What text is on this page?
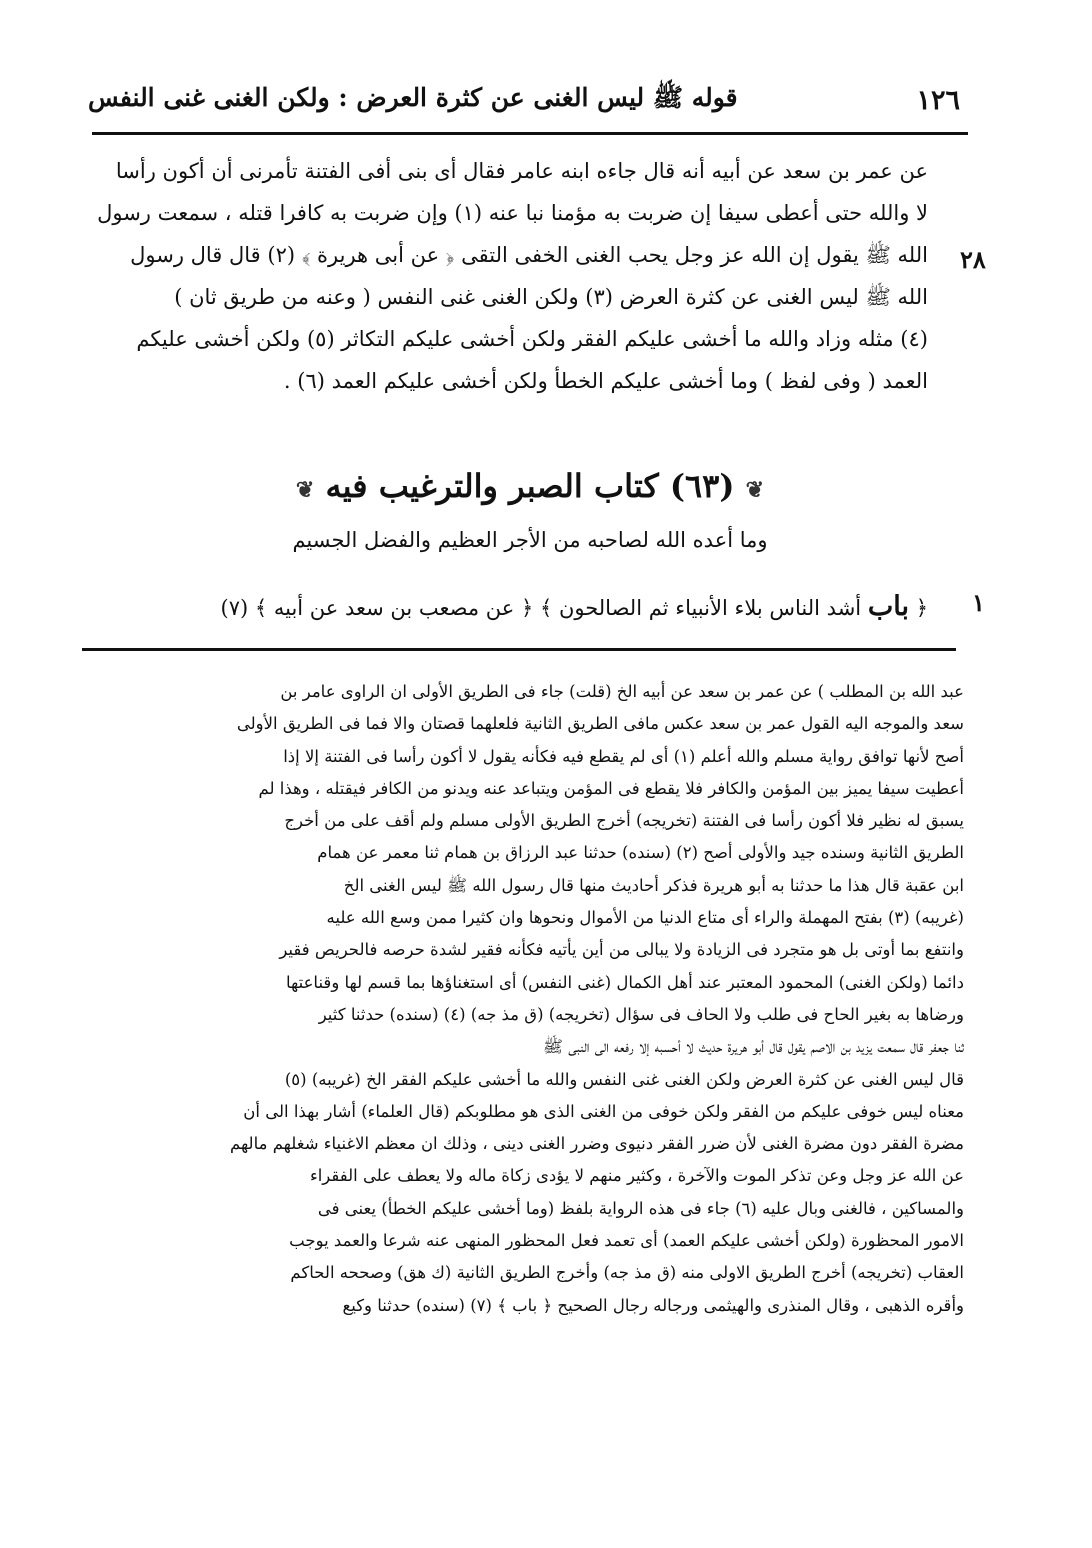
١٢٦
قوله ﷺ ليس الغنى عن كثرة العرض : ولكن الغنى غنى النفس
٢٨
عن عمر بن سعد عن أبيه أنه قال جاءه ابنه عامر فقال أى بنى أفى الفتنة تأمرنى أن أكون رأسا
لا والله حتى أعطى سيفا إن ضربت به مؤمنا نبا عنه (١) وإن ضربت به كافرا قتله ، سمعت رسول
الله ﷺ يقول إن الله عز وجل يحب الغنى الخفى التقى ﴿ عن أبى هريرة ﴾ (٢) قال قال رسول
الله ﷺ ليس الغنى عن كثرة العرض (٣) ولكن الغنى غنى النفس ( وعنه من طريق ثان )
(٤) مثله وزاد والله ما أخشى عليكم الفقر ولكن أخشى عليكم التكاثر (٥) ولكن أخشى عليكم
العمد ( وفى لفظ ) وما أخشى عليكم الخطأ ولكن أخشى عليكم العمد (٦) .
❦ (٦٣) كتاب الصبر والترغيب فيه ❦
وما أعده الله لصاحبه من الأجر العظيم والفضل الجسيم
١
﴿ باب أشد الناس بلاء الأنبياء ثم الصالحون ﴾ ﴿ عن مصعب بن سعد عن أبيه ﴾ (٧)
عبد الله بن المطلب ) عن عمر بن سعد عن أبيه الخ (قلت) جاء فى الطريق الأولى ان الراوى عامر بن
سعد والموجه اليه القول عمر بن سعد عكس مافى الطريق الثانية فلعلهما قصتان والا فما فى الطريق الأولى
أصح لأنها توافق رواية مسلم والله أعلم (١) أى لم يقطع فيه فكأنه يقول لا أكون رأسا فى الفتنة إلا إذا
أعطيت سيفا يميز بين المؤمن والكافر فلا يقطع فى المؤمن ويتباعد عنه ويدنو من الكافر فيقتله ، وهذا لم
يسبق له نظير فلا أكون رأسا فى الفتنة (تخريجه) أخرج الطريق الأولى مسلم ولم أقف على من أخرج
الطريق الثانية وسنده جيد والأولى أصح (٢) (سنده) حدثنا عبد الرزاق بن همام ثنا معمر عن همام
ابن عقبة قال هذا ما حدثنا به أبو هريرة فذكر أحاديث منها قال رسول الله ﷺ ليس الغنى الخ
(غريبه) (٣) بفتح المهملة والراء أى متاع الدنيا من الأموال ونحوها وان كثيرا ممن وسع الله عليه
وانتفع بما أوتى بل هو متجرد فى الزيادة ولا يبالى من أين يأتيه فكأنه فقير لشدة حرصه فالحريص فقير
دائما (ولكن الغنى) المحمود المعتبر عند أهل الكمال (غنى النفس) أى استغناؤها بما قسم لها وقناعتها
ورضاها به بغير الحاح فى طلب ولا الحاف فى سؤال (تخريجه) (ق مذ جه) (٤) (سنده) حدثنا كثير
ثنا جعفر قال سمعت يزيد بن الاصم يقول قال أبو هريرة حديث لا أحسبه إلا رفعه الى النبى ﷺ
قال ليس الغنى عن كثرة العرض ولكن الغنى غنى النفس والله ما أخشى عليكم الفقر الخ (غريبه) (٥)
معناه ليس خوفى عليكم من الفقر ولكن خوفى من الغنى الذى هو مطلوبكم (قال العلماء) أشار بهذا الى أن
مضرة الفقر دون مضرة الغنى لأن ضرر الفقر دنيوى وضرر الغنى دينى ، وذلك ان معظم الاغنياء شغلهم مالهم
عن الله عز وجل وعن تذكر الموت والآخرة ، وكثير منهم لا يؤدى زكاة ماله ولا يعطف على الفقراء
والمساكين ، فالغنى وبال عليه (٦) جاء فى هذه الرواية بلفظ (وما أخشى عليكم الخطأ) يعنى فى
الامور المحظورة (ولكن أخشى عليكم العمد) أى تعمد فعل المحظور المنهى عنه شرعا والعمد يوجب
العقاب (تخريجه) أخرج الطريق الاولى منه (ق مذ جه) وأخرج الطريق الثانية (ك هق) وصححه الحاكم
وأقره الذهبى ، وقال المنذرى والهيثمى ورجاله رجال الصحيح ﴿ باب ﴾ (٧) (سنده) حدثنا وكيع
